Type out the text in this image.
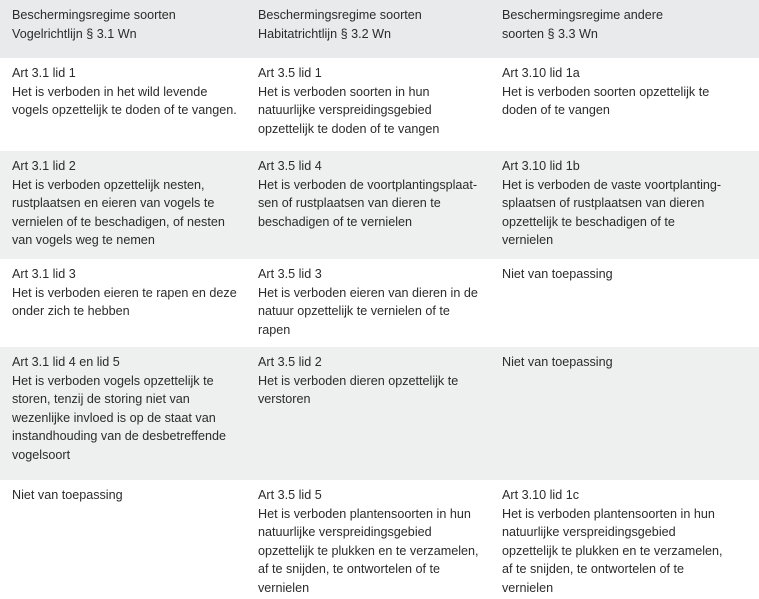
Beschermingsregime soorten
Vogelrichtlijn § 3.1 Wn
Beschermingsregime soorten
Habitatrichtlijn § 3.2 Wn
Beschermingsregime andere
soorten § 3.3 Wn
Art 3.1 lid 1
Het is verboden in het wild levende
vogels opzettelijk te doden of te vangen.
Art 3.5 lid 1
Het is verboden soorten in hun
natuurlijke verspreidingsgebied
opzettelijk te doden of te vangen
Art 3.10 lid 1a
Het is verboden soorten opzettelijk te
doden of te vangen
Art 3.1 lid 2
Het is verboden opzettelijk nesten,
rustplaatsen en eieren van vogels te
vernielen of te beschadigen, of nesten
van vogels weg te nemen
Art 3.5 lid 4
Het is verboden de voortplantingsplaat-
sen of rustplaatsen van dieren te
beschadigen of te vernielen
Art 3.10 lid 1b
Het is verboden de vaste voortplanting-
splaatsen of rustplaatsen van dieren
opzettelijk te beschadigen of te
vernielen
Art 3.1 lid 3
Het is verboden eieren te rapen en deze
onder zich te hebben
Art 3.5 lid 3
Het is verboden eieren van dieren in de
natuur opzettelijk te vernielen of te
rapen
Niet van toepassing
Art 3.1 lid 4 en lid 5
Het is verboden vogels opzettelijk te
storen, tenzij de storing niet van
wezenlijke invloed is op de staat van
instandhouding van de desbetreffende
vogelsoort
Art 3.5 lid 2
Het is verboden dieren opzettelijk te
verstoren
Niet van toepassing
Niet van toepassing	Art 3.5 lid 5
Het is verboden plantensoorten in hun
natuurlijke verspreidingsgebied
opzettelijk te plukken en te verzamelen,
af te snijden, te ontwortelen of te
vernielen
Art 3.10 lid 1c
Het is verboden plantensoorten in hun
natuurlijke verspreidingsgebied
opzettelijk te plukken en te verzamelen,
af te snijden, te ontwortelen of te
vernielen
